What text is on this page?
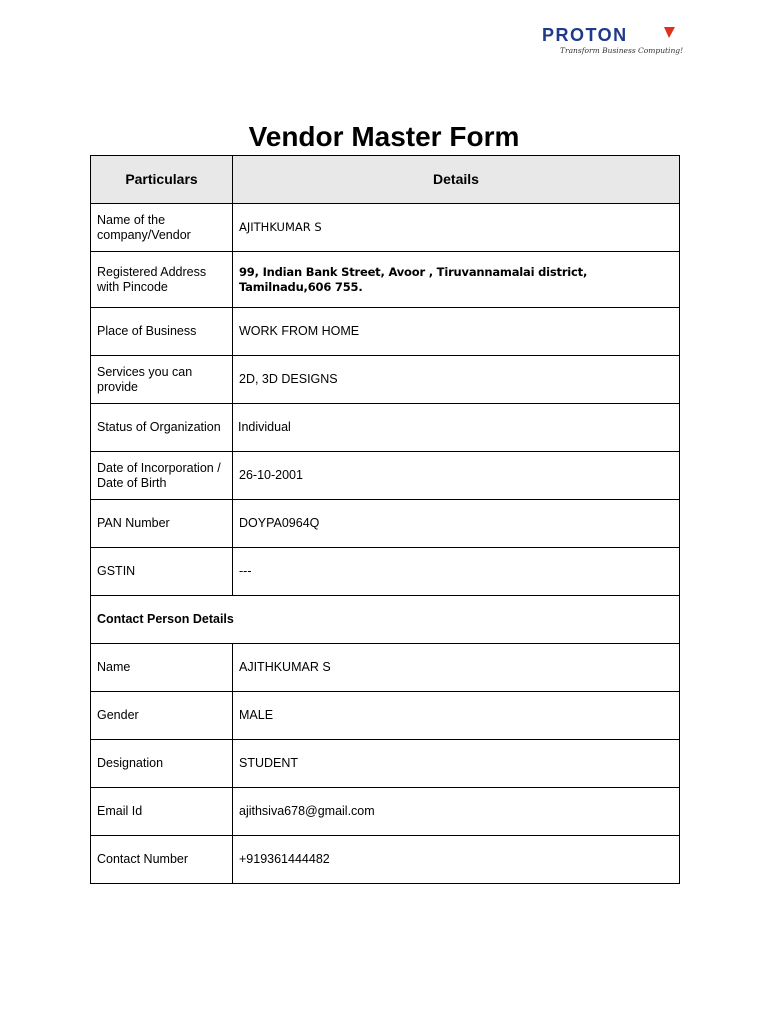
PROTON
Transform Business Computing!
Vendor Master Form
Particulars	Details
Name of the company/Vendor	AJITHKUMAR S
Registered Address with Pincode	99, Indian Bank Street, Avoor , Tiruvannamalai district, Tamilnadu,606 755.
Place of Business	WORK FROM HOME
Services you can provide	2D, 3D DESIGNS
Status of Organization	Individual
Date of Incorporation / Date of Birth	26-10-2001
PAN Number	DOYPA0964Q
GSTIN	---
Contact Person Details	
Name	AJITHKUMAR S
Gender	MALE
Designation	STUDENT
Email Id	ajithsiva678@gmail.com
Contact Number	+919361444482
